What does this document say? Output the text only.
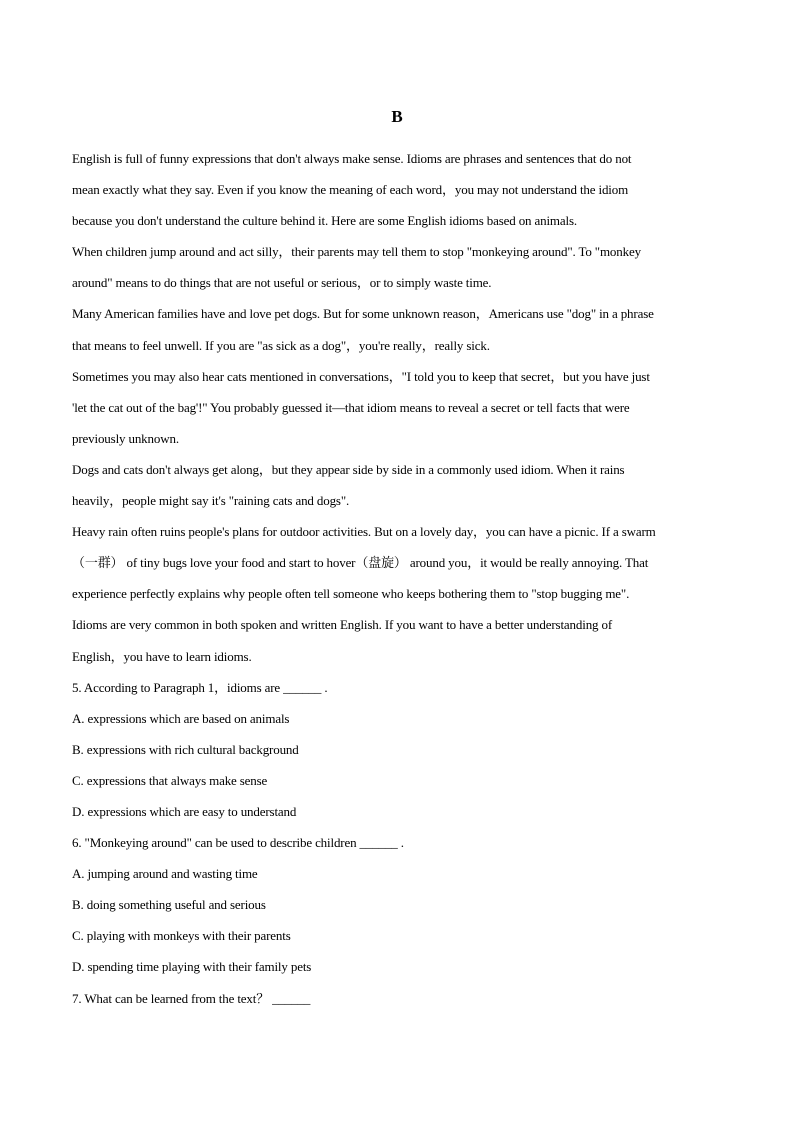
B
English is full of funny expressions that don't always make sense. Idioms are phrases and sentences that do not
mean exactly what they say. Even if you know the meaning of each word，you may not understand the idiom
because you don't understand the culture behind it. Here are some English idioms based on animals.
When children jump around and act silly，their parents may tell them to stop "monkeying around". To "monkey
around" means to do things that are not useful or serious，or to simply waste time.
Many American families have and love pet dogs. But for some unknown reason，Americans use "dog" in a phrase
that means to feel unwell. If you are "as sick as a dog"，you're really，really sick.
Sometimes you may also hear cats mentioned in conversations，"I told you to keep that secret，but you have just
'let the cat out of the bag'!" You probably guessed it—that idiom means to reveal a secret or tell facts that were
previously unknown.
Dogs and cats don't always get along，but they appear side by side in a commonly used idiom. When it rains
heavily，people might say it's "raining cats and dogs".
Heavy rain often ruins people's plans for outdoor activities. But on a lovely day，you can have a picnic. If a swarm
（一群） of tiny bugs love your food and start to hover（盘旋） around you，it would be really annoying. That
experience perfectly explains why people often tell someone who keeps bothering them to "stop bugging me".
Idioms are very common in both spoken and written English. If you want to have a better understanding of
English，you have to learn idioms.
5. According to Paragraph 1，idioms are ______ .
A. expressions which are based on animals
B. expressions with rich cultural background
C. expressions that always make sense
D. expressions which are easy to understand
6. "Monkeying around" can be used to describe children ______ .
A. jumping around and wasting time
B. doing something useful and serious
C. playing with monkeys with their parents
D. spending time playing with their family pets
7. What can be learned from the text？ ______
